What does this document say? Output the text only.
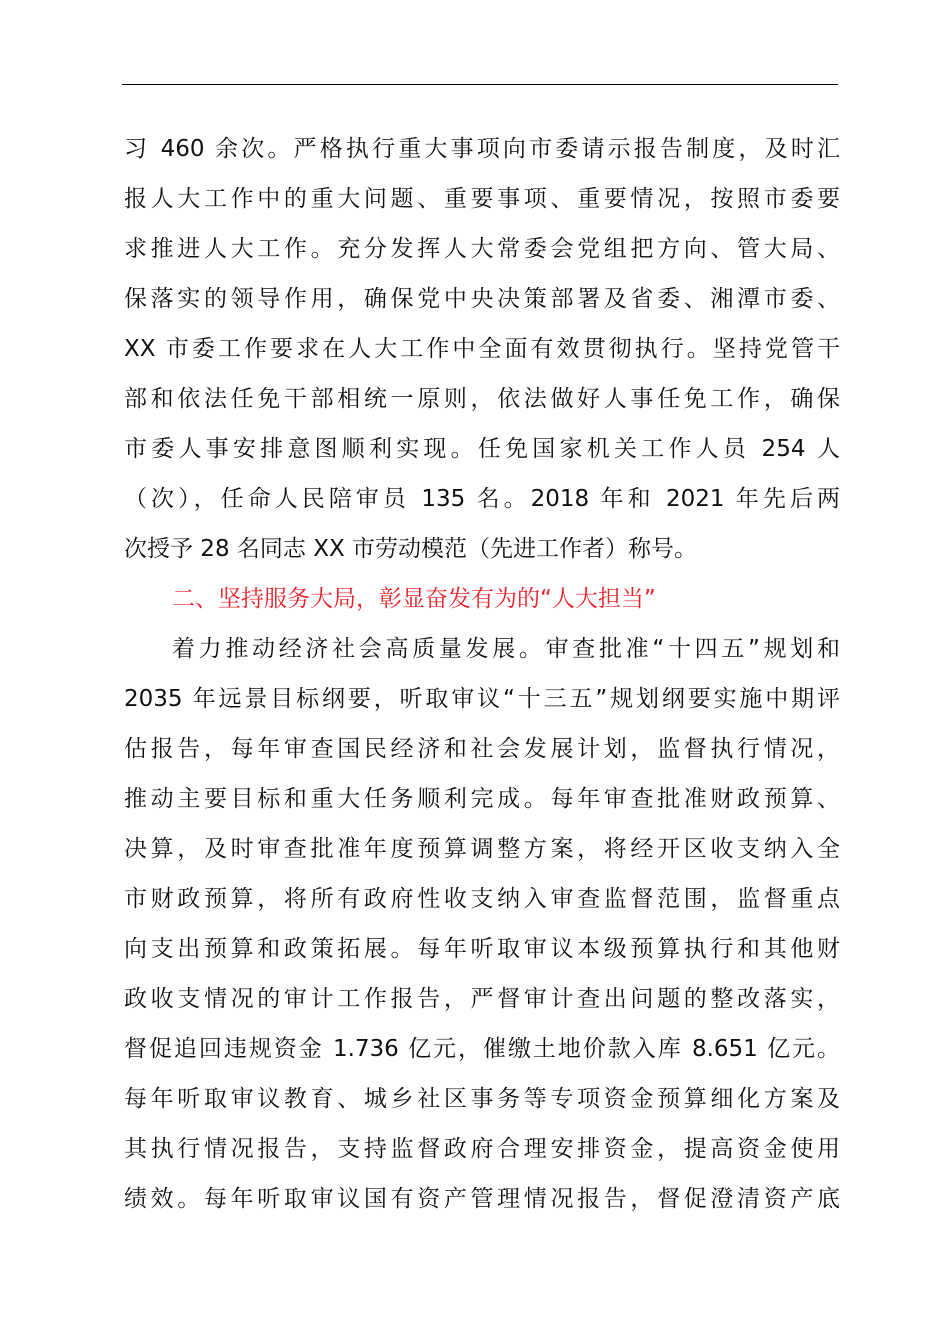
习 460 余次。严格执行重大事项向市委请示报告制度，及时汇
报人大工作中的重大问题、重要事项、重要情况，按照市委要
求推进人大工作。充分发挥人大常委会党组把方向、管大局、
保落实的领导作用，确保党中央决策部署及省委、湘潭市委、
XX 市委工作要求在人大工作中全面有效贯彻执行。坚持党管干
部和依法任免干部相统一原则，依法做好人事任免工作，确保
市委人事安排意图顺利实现。任免国家机关工作人员 254 人
（次），任命人民陪审员 135 名。2018 年和 2021 年先后两
次授予 28 名同志 XX 市劳动模范（先进工作者）称号。
二、坚持服务大局，彰显奋发有为的“人大担当”
着力推动经济社会高质量发展。审查批准“十四五”规划和
2035 年远景目标纲要，听取审议“十三五”规划纲要实施中期评
估报告，每年审查国民经济和社会发展计划，监督执行情况，
推动主要目标和重大任务顺利完成。每年审查批准财政预算、
决算，及时审查批准年度预算调整方案，将经开区收支纳入全
市财政预算，将所有政府性收支纳入审查监督范围，监督重点
向支出预算和政策拓展。每年听取审议本级预算执行和其他财
政收支情况的审计工作报告，严督审计查出问题的整改落实，
督促追回违规资金 1.736 亿元，催缴土地价款入库 8.651 亿元。
每年听取审议教育、城乡社区事务等专项资金预算细化方案及
其执行情况报告，支持监督政府合理安排资金，提高资金使用
绩效。每年听取审议国有资产管理情况报告，督促澄清资产底
